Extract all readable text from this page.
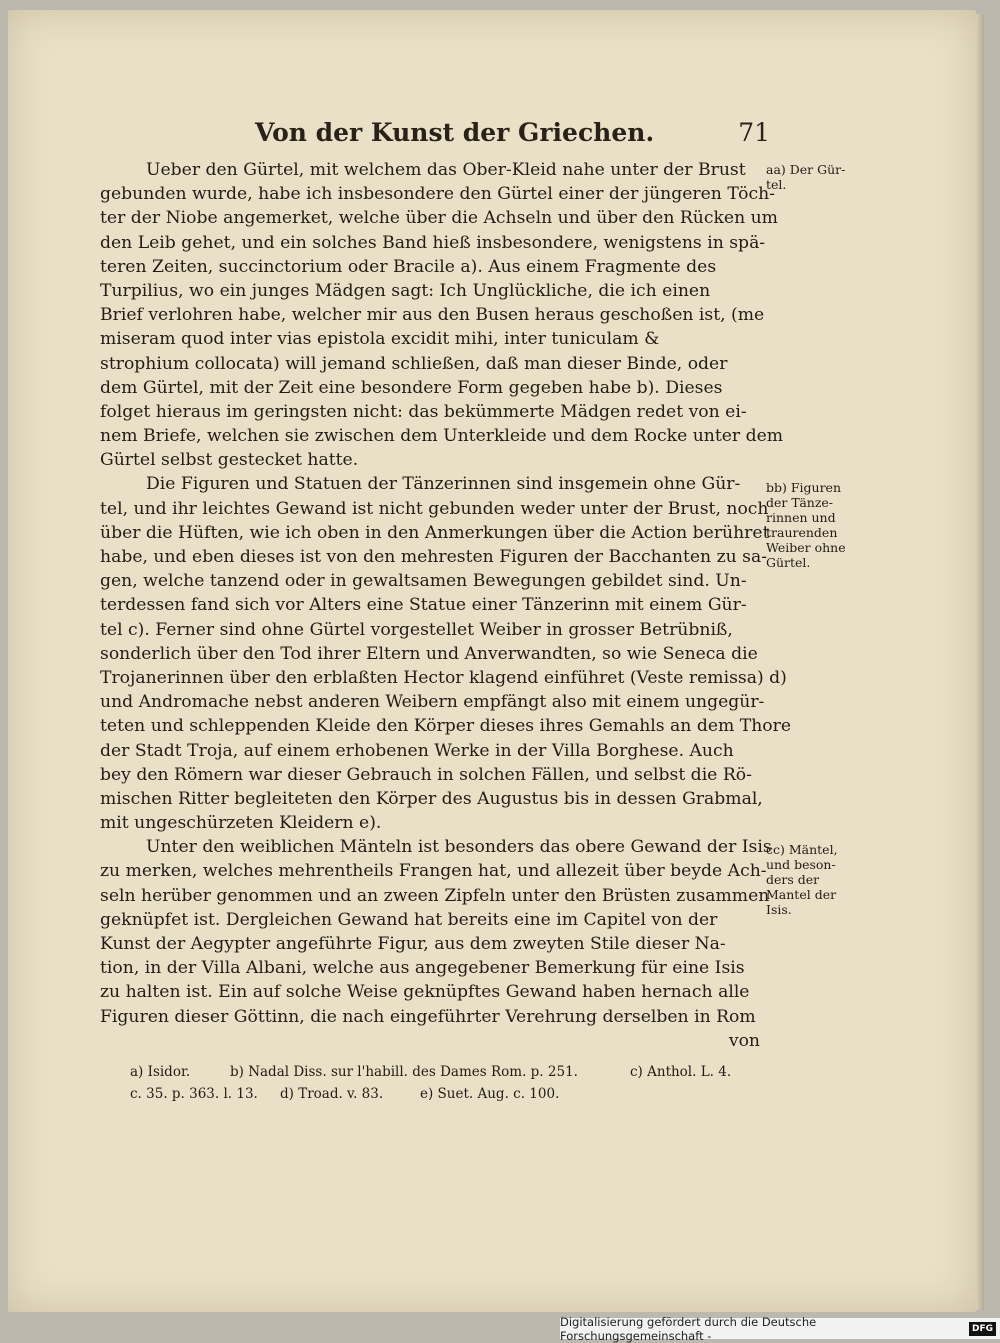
Von der Kunst der Griechen.	71
Ueber den Gürtel, mit welchem das Ober-Kleid nahe unter der Brust
gebunden wurde, habe ich insbesondere den Gürtel einer der jüngeren Töch-
ter der Niobe angemerket, welche über die Achseln und über den Rücken um
den Leib gehet, und ein solches Band hieß insbesondere, wenigstens in spä-
teren Zeiten, succinctorium oder Bracile a). Aus einem Fragmente des
Turpilius, wo ein junges Mädgen sagt: Ich Unglückliche, die ich einen
Brief verlohren habe, welcher mir aus den Busen heraus geschoßen ist, (me
miseram quod inter vias epistola excidit mihi, inter tuniculam &
strophium collocata) will jemand schließen, daß man dieser Binde, oder
dem Gürtel, mit der Zeit eine besondere Form gegeben habe b). Dieses
folget hieraus im geringsten nicht: das bekümmerte Mädgen redet von ei-
nem Briefe, welchen sie zwischen dem Unterkleide und dem Rocke unter dem
Gürtel selbst gestecket hatte.
Die Figuren und Statuen der Tänzerinnen sind insgemein ohne Gür-
tel, und ihr leichtes Gewand ist nicht gebunden weder unter der Brust, noch
über die Hüften, wie ich oben in den Anmerkungen über die Action berühret
habe, und eben dieses ist von den mehresten Figuren der Bacchanten zu sa-
gen, welche tanzend oder in gewaltsamen Bewegungen gebildet sind. Un-
terdessen fand sich vor Alters eine Statue einer Tänzerinn mit einem Gür-
tel c). Ferner sind ohne Gürtel vorgestellet Weiber in grosser Betrübniß,
sonderlich über den Tod ihrer Eltern und Anverwandten, so wie Seneca die
Trojanerinnen über den erblaßten Hector klagend einführet (Veste remissa) d)
und Andromache nebst anderen Weibern empfängt also mit einem ungegür-
teten und schleppenden Kleide den Körper dieses ihres Gemahls an dem Thore
der Stadt Troja, auf einem erhobenen Werke in der Villa Borghese. Auch
bey den Römern war dieser Gebrauch in solchen Fällen, und selbst die Rö-
mischen Ritter begleiteten den Körper des Augustus bis in dessen Grabmal,
mit ungeschürzeten Kleidern e).
Unter den weiblichen Mänteln ist besonders das obere Gewand der Isis
zu merken, welches mehrentheils Frangen hat, und allezeit über beyde Ach-
seln herüber genommen und an zween Zipfeln unter den Brüsten zusammen
geknüpfet ist. Dergleichen Gewand hat bereits eine im Capitel von der
Kunst der Aegypter angeführte Figur, aus dem zweyten Stile dieser Na-
tion, in der Villa Albani, welche aus angegebener Bemerkung für eine Isis
zu halten ist. Ein auf solche Weise geknüpftes Gewand haben hernach alle
Figuren dieser Göttinn, die nach eingeführter Verehrung derselben in Rom
von
aa) Der Gür-
tel.
bb) Figuren
der Tänze-
rinnen und
traurenden
Weiber ohne
Gürtel.
cc) Mäntel,
und beson-
ders der
Mantel der
Isis.
a) Isidor.	b) Nadal Diss. sur l'habill. des Dames Rom. p. 251.	c) Anthol. L. 4.
c. 35. p. 363. l. 13. d) Troad. v. 83.	e) Suet. Aug. c. 100.
Digitalisierung gefördert durch die Deutsche Forschungsgemeinschaft -	DFG
